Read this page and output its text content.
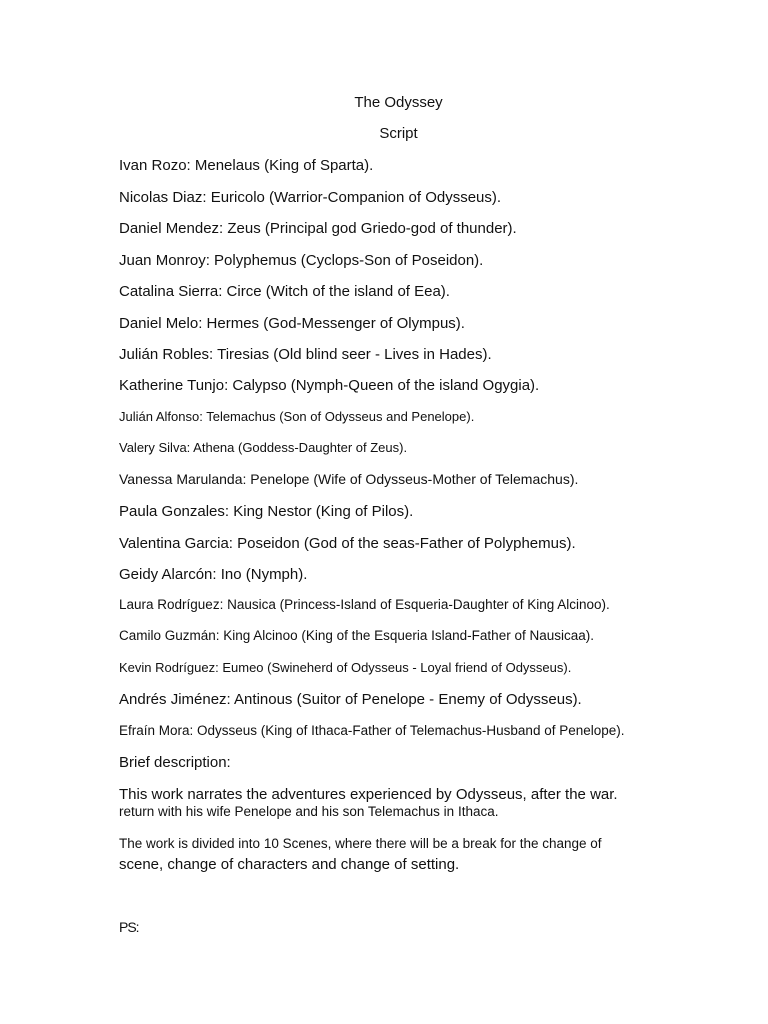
The Odyssey
Script
Ivan Rozo: Menelaus (King of Sparta).
Nicolas Diaz: Euricolo (Warrior-Companion of Odysseus).
Daniel Mendez: Zeus (Principal god Griedo-god of thunder).
Juan Monroy: Polyphemus (Cyclops-Son of Poseidon).
Catalina Sierra: Circe (Witch of the island of Eea).
Daniel Melo: Hermes (God-Messenger of Olympus).
Julián Robles: Tiresias (Old blind seer - Lives in Hades).
Katherine Tunjo: Calypso (Nymph-Queen of the island Ogygia).
Julián Alfonso: Telemachus (Son of Odysseus and Penelope).
Valery Silva: Athena (Goddess-Daughter of Zeus).
Vanessa Marulanda: Penelope (Wife of Odysseus-Mother of Telemachus).
Paula Gonzales: King Nestor (King of Pilos).
Valentina Garcia: Poseidon (God of the seas-Father of Polyphemus).
Geidy Alarcón: Ino (Nymph).
Laura Rodríguez: Nausica (Princess-Island of Esqueria-Daughter of King Alcinoo).
Camilo Guzmán: King Alcinoo (King of the Esqueria Island-Father of Nausicaa).
Kevin Rodríguez: Eumeo (Swineherd of Odysseus - Loyal friend of Odysseus).
Andrés Jiménez: Antinous (Suitor of Penelope - Enemy of Odysseus).
Efraín Mora: Odysseus (King of Ithaca-Father of Telemachus-Husband of Penelope).
Brief description:
This work narrates the adventures experienced by Odysseus, after the war.
return with his wife Penelope and his son Telemachus in Ithaca.
The work is divided into 10 Scenes, where there will be a break for the change of
scene, change of characters and change of setting.
PS:
